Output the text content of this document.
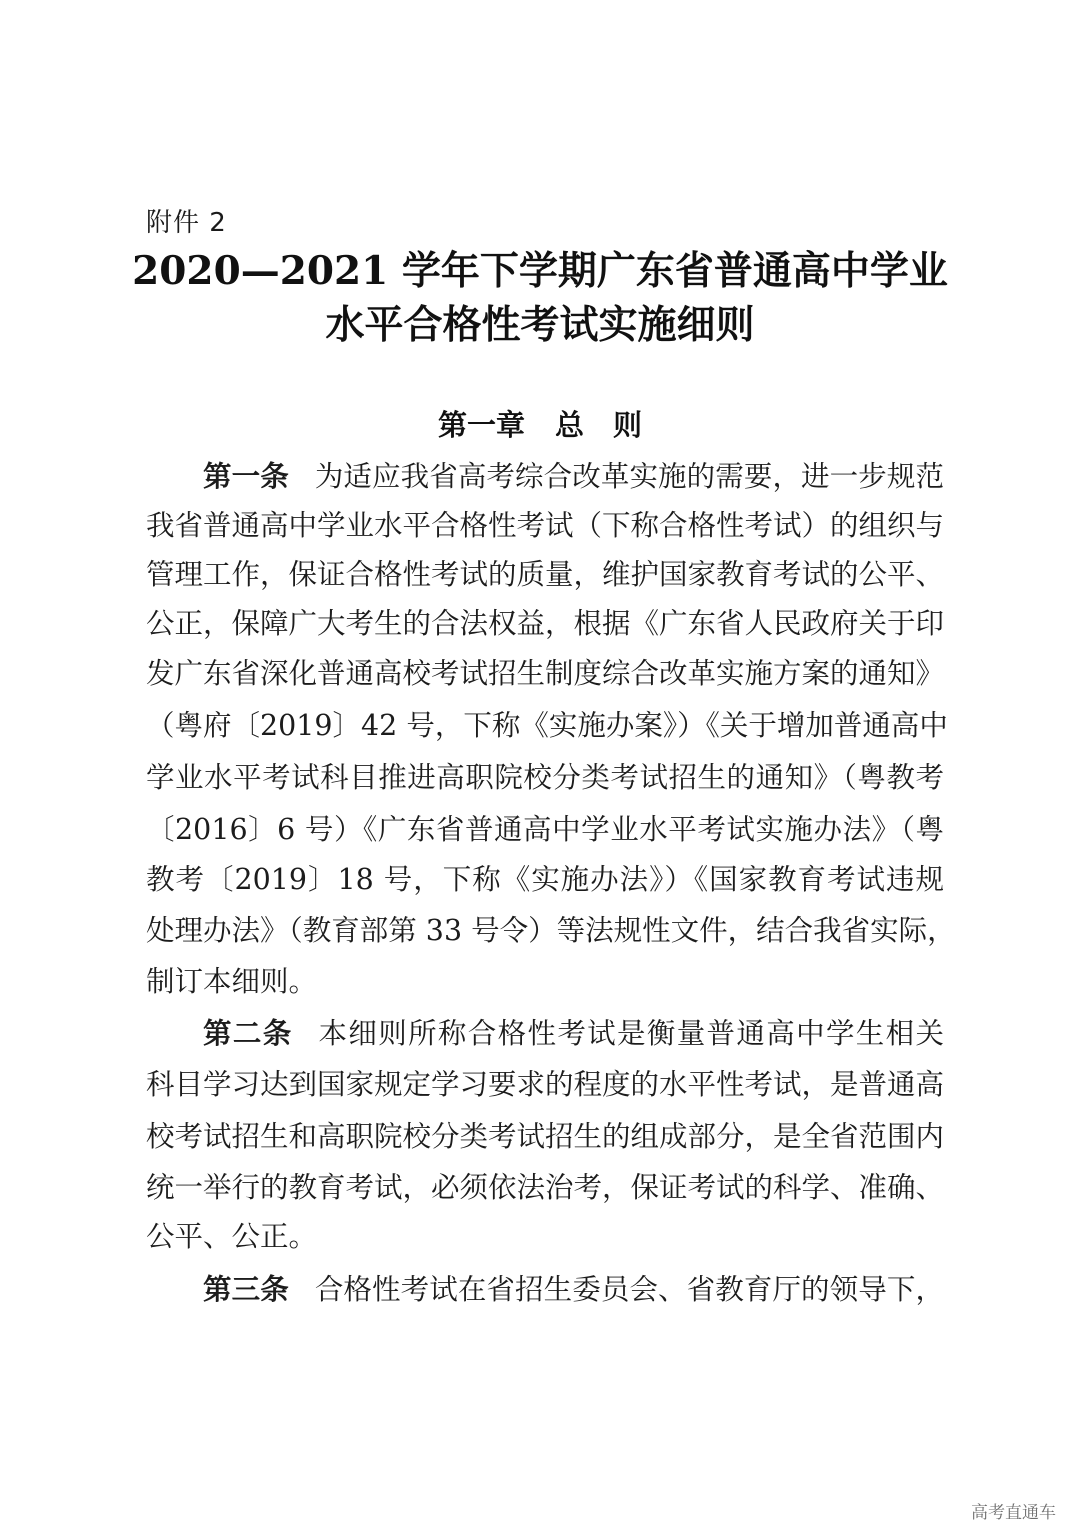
附件 2
2020—2021 学年下学期广东省普通高中学业
水平合格性考试实施细则
第一章 总　则
第一条 为适应我省高考综合改革实施的需要，进一步规范
我省普通高中学业水平合格性考试（下称合格性考试）的组织与
管理工作，保证合格性考试的质量，维护国家教育考试的公平、
公正，保障广大考生的合法权益，根据《广东省人民政府关于印
发广东省深化普通高校考试招生制度综合改革实施方案的通知》
（粤府〔2019〕42 号，下称《实施办案》）《关于增加普通高中
学业水平考试科目推进高职院校分类考试招生的通知》（粤教考
〔2016〕6 号）《广东省普通高中学业水平考试实施办法》（粤
教考〔2019〕18 号，下称《实施办法》）《国家教育考试违规
处理办法》（教育部第 33 号令）等法规性文件，结合我省实际，
制订本细则。
第二条 本细则所称合格性考试是衡量普通高中学生相关
科目学习达到国家规定学习要求的程度的水平性考试，是普通高
校考试招生和高职院校分类考试招生的组成部分，是全省范围内
统一举行的教育考试，必须依法治考，保证考试的科学、准确、
公平、公正。
第三条 合格性考试在省招生委员会、省教育厅的领导下，
高考直通车
